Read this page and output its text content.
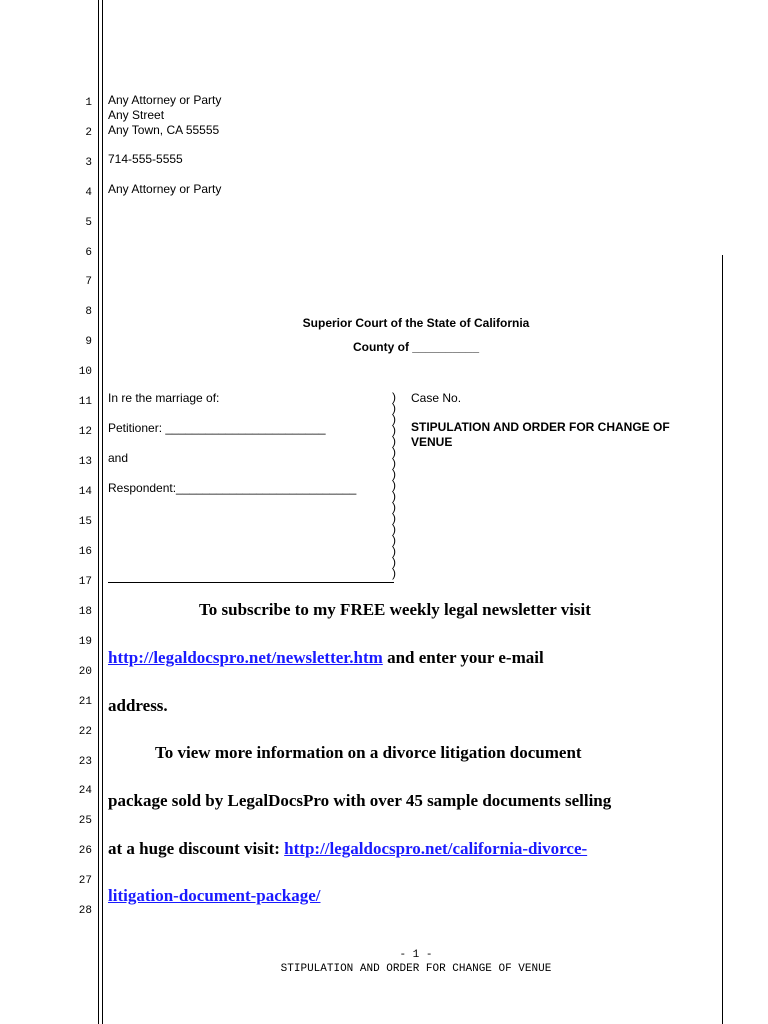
1
2
3
4
5
6
7
8
9
10
11
12
13
14
15
16
17
18
19
20
21
22
23
24
25
26
27
28
Any Attorney or Party
Any Street
Any Town, CA 55555
714-555-5555
Any Attorney or Party
Superior Court of the State of California
County of __________
In re the marriage of:
Petitioner: ________________________
and
Respondent:___________________________
)
)
)
)
)
)
)
)
)
)
)
)
)
)
)
)
)
Case No.
STIPULATION AND ORDER FOR CHANGE OF
VENUE
To subscribe to my FREE weekly legal newsletter visit
http://legaldocspro.net/newsletter.htm and enter your e-mail
address.
To view more information on a divorce litigation document
package sold by LegalDocsPro with over 45 sample documents selling
at a huge discount visit: http://legaldocspro.net/california-divorce-
litigation-document-package/
- 1 -
STIPULATION AND ORDER FOR CHANGE OF VENUE
